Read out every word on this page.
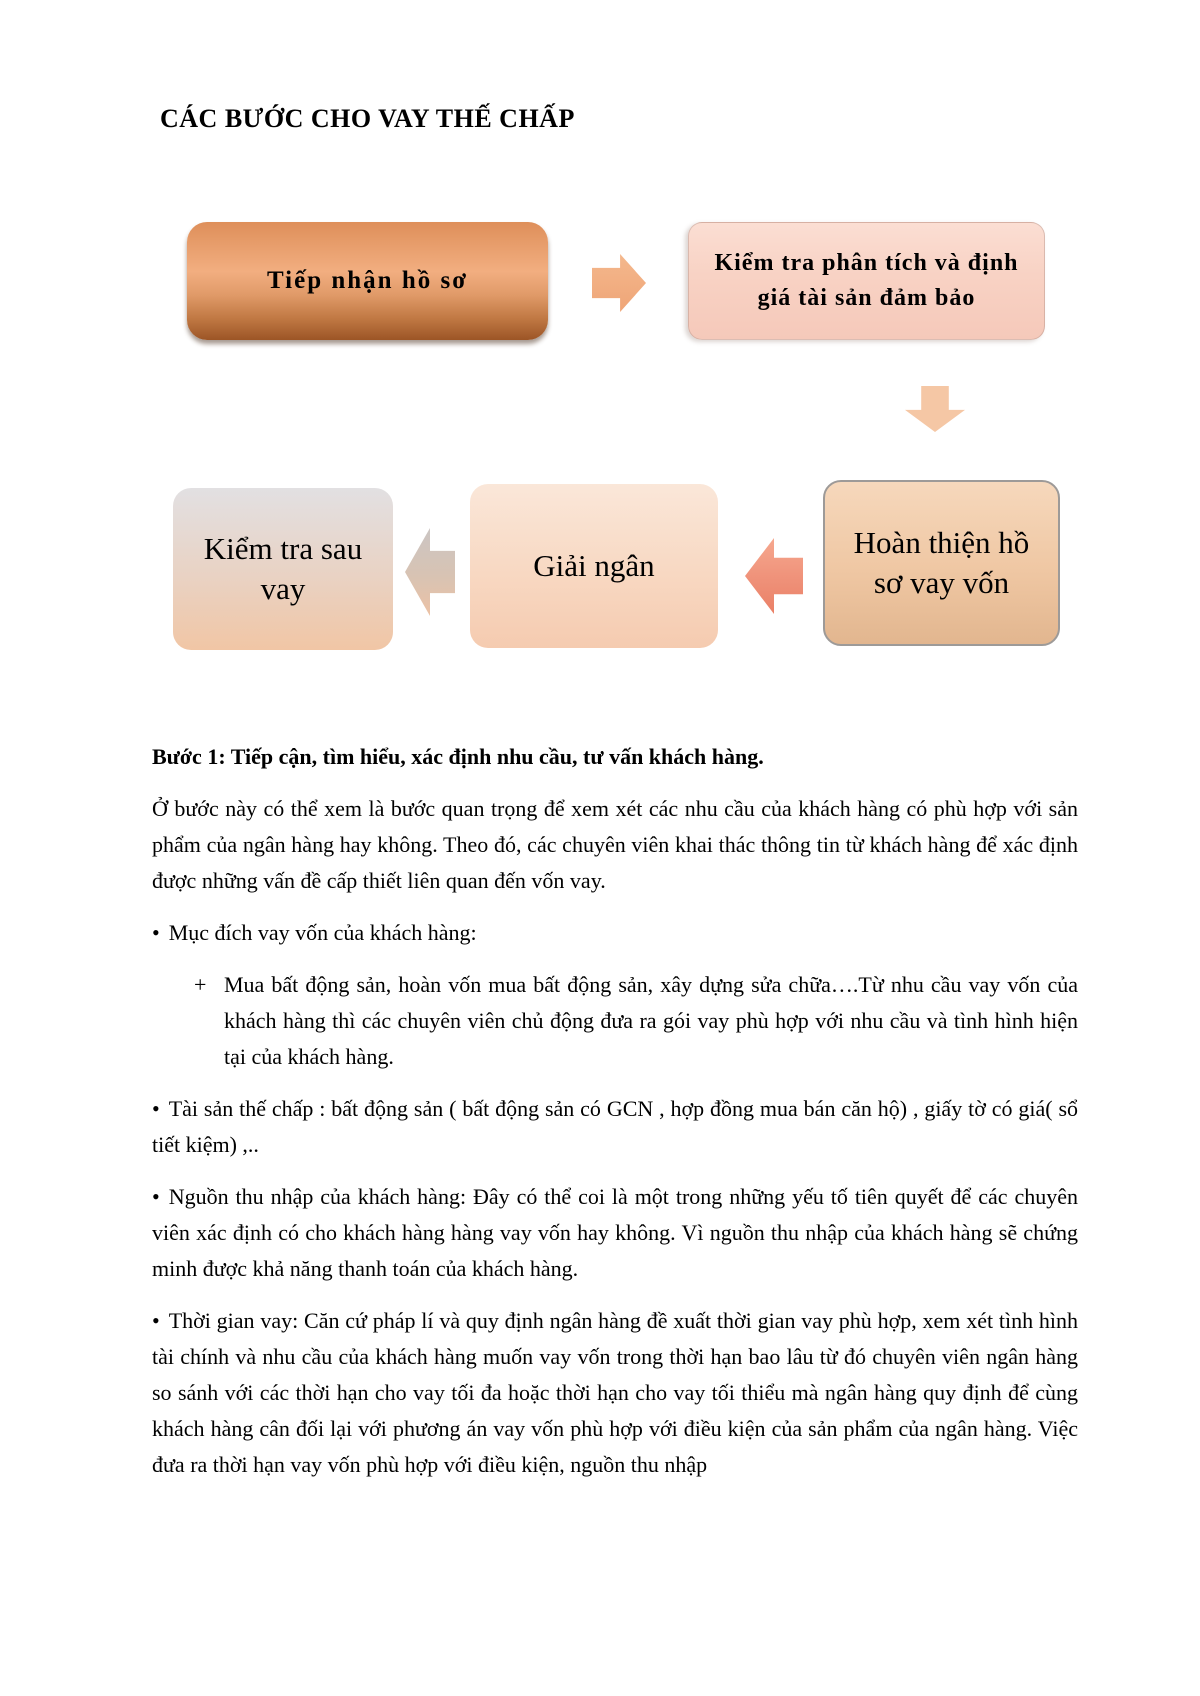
CÁC BƯỚC CHO VAY THẾ CHẤP
Tiếp nhận hồ sơ
Kiểm tra phân tích và định giá tài sản đảm bảo
Hoàn thiện hồ sơ vay vốn
Giải ngân
Kiểm tra sau vay

Bước 1: Tiếp cận, tìm hiểu, xác định nhu cầu, tư vấn khách hàng.

Ở bước này có thể xem là bước quan trọng để xem xét các nhu cầu của khách hàng có phù hợp với sản phẩm của ngân hàng hay không. Theo đó, các chuyên viên khai thác thông tin từ khách hàng để xác định được những vấn đề cấp thiết liên quan đến vốn vay.

• Mục đích vay vốn của khách hàng:

+ Mua bất động sản, hoàn vốn mua bất động sản, xây dựng sửa chữa….Từ nhu cầu vay vốn của khách hàng thì các chuyên viên chủ động đưa ra gói vay phù hợp với nhu cầu và tình hình hiện tại của khách hàng.

• Tài sản thế chấp : bất động sản ( bất động sản có GCN , hợp đồng mua bán căn hộ) , giấy tờ có giá( sổ tiết kiệm) ,..

• Nguồn thu nhập của khách hàng: Đây có thể coi là một trong những yếu tố tiên quyết để các chuyên viên xác định có cho khách hàng hàng vay vốn hay không. Vì nguồn thu nhập của khách hàng sẽ chứng minh được khả năng thanh toán của khách hàng.

• Thời gian vay: Căn cứ pháp lí và quy định ngân hàng đề xuất thời gian vay phù hợp, xem xét tình hình tài chính và nhu cầu của khách hàng muốn vay vốn trong thời hạn bao lâu từ đó chuyên viên ngân hàng so sánh với các thời hạn cho vay tối đa hoặc thời hạn cho vay tối thiểu mà ngân hàng quy định để cùng khách hàng cân đối lại với phương án vay vốn phù hợp với điều kiện của sản phẩm của ngân hàng. Việc đưa ra thời hạn vay vốn phù hợp với điều kiện, nguồn thu nhập
